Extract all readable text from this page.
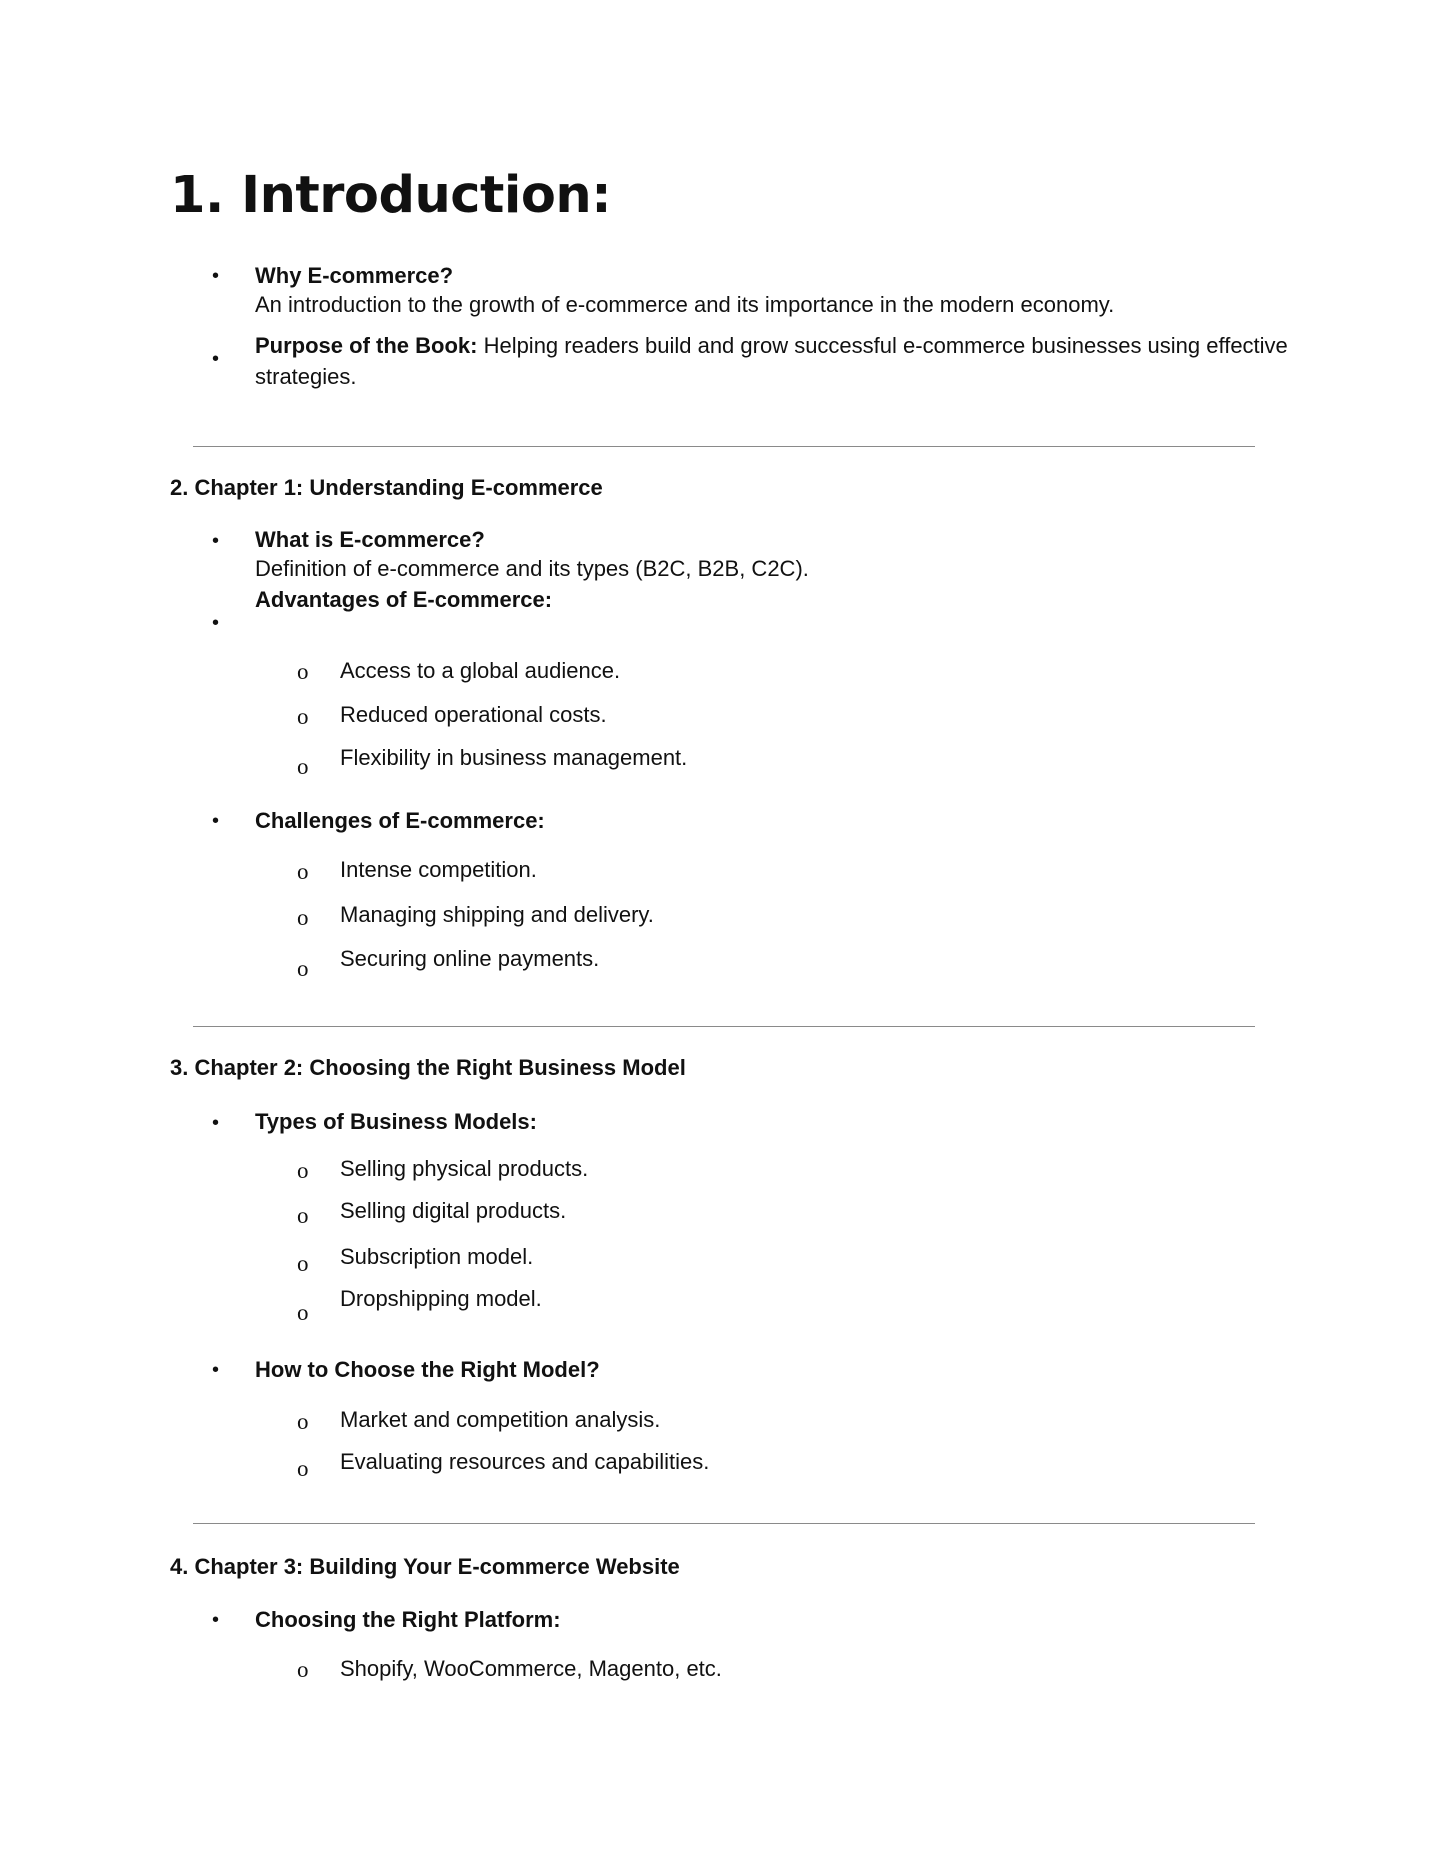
1. Introduction:
• Why E-commerce?
An introduction to the growth of e-commerce and its importance in the modern economy.
•
Purpose of the Book: Helping readers build and grow successful e-commerce businesses using effective
strategies.
2. Chapter 1: Understanding E-commerce
• What is E-commerce?
Definition of e-commerce and its types (B2C, B2B, C2C).
Advantages of E-commerce:
•
o Access to a global audience.
o Reduced operational costs.
o Flexibility in business management.
• Challenges of E-commerce:
o Intense competition.
o Managing shipping and delivery.
o Securing online payments.
3. Chapter 2: Choosing the Right Business Model
• Types of Business Models:
o Selling physical products.
o Selling digital products.
o Subscription model.
o
Dropshipping model.
• How to Choose the Right Model?
o Market and competition analysis.
o Evaluating resources and capabilities.
4. Chapter 3: Building Your E-commerce Website
• Choosing the Right Platform:
o Shopify, WooCommerce, Magento, etc.
